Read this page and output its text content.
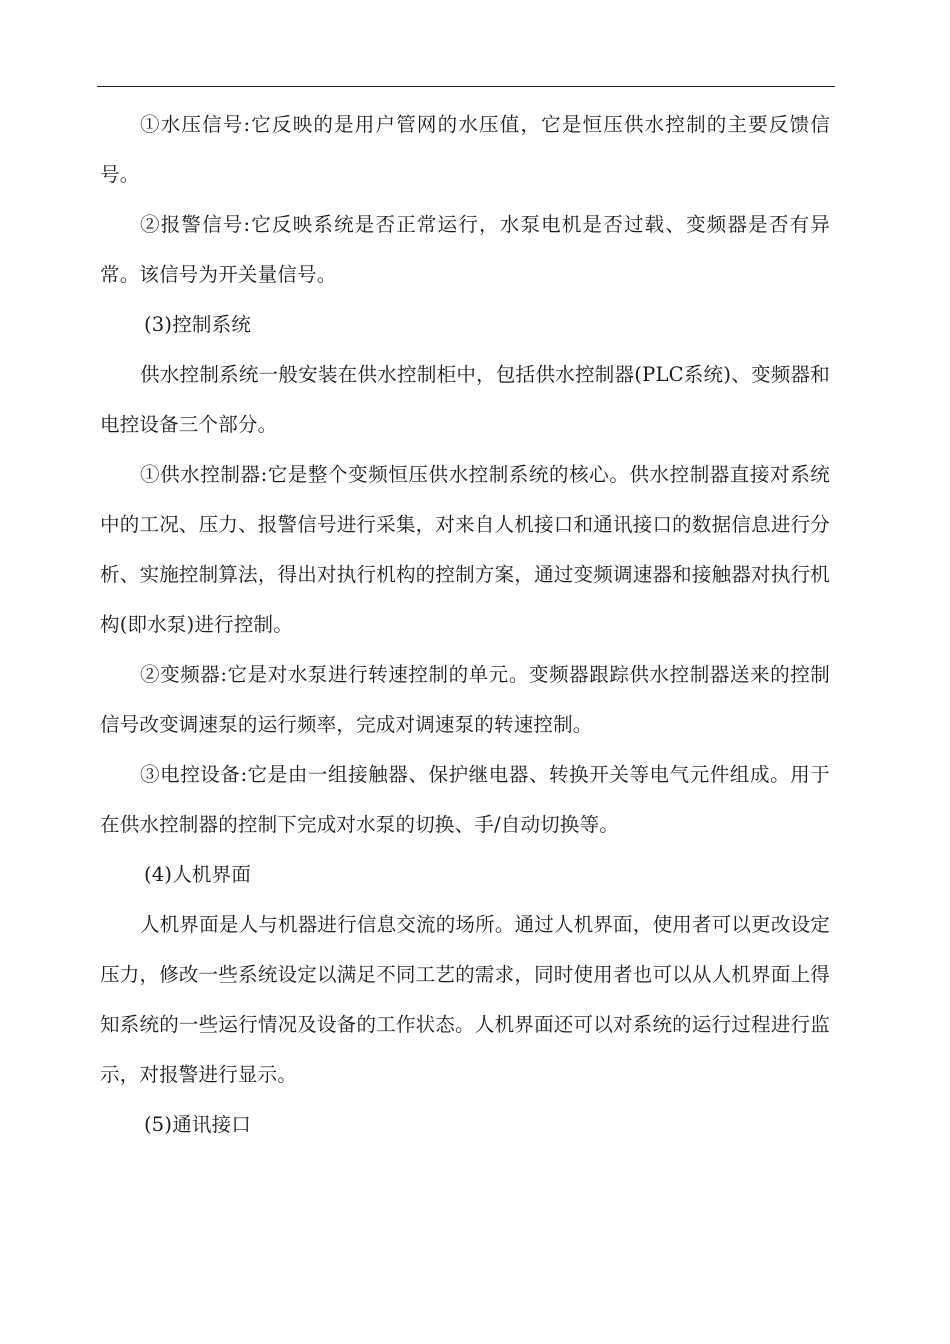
①水压信号:它反映的是用户管网的水压值，它是恒压供水控制的主要反馈信号。

②报警信号:它反映系统是否正常运行，水泵电机是否过载、变频器是否有异常。该信号为开关量信号。

(3)控制系统

供水控制系统一般安装在供水控制柜中，包括供水控制器(PLC系统)、变频器和电控设备三个部分。

①供水控制器:它是整个变频恒压供水控制系统的核心。供水控制器直接对系统中的工况、压力、报警信号进行采集，对来自人机接口和通讯接口的数据信息进行分析、实施控制算法，得出对执行机构的控制方案，通过变频调速器和接触器对执行机构(即水泵)进行控制。

②变频器:它是对水泵进行转速控制的单元。变频器跟踪供水控制器送来的控制信号改变调速泵的运行频率，完成对调速泵的转速控制。

③电控设备:它是由一组接触器、保护继电器、转换开关等电气元件组成。用于在供水控制器的控制下完成对水泵的切换、手/自动切换等。

(4)人机界面

人机界面是人与机器进行信息交流的场所。通过人机界面，使用者可以更改设定压力，修改一些系统设定以满足不同工艺的需求，同时使用者也可以从人机界面上得知系统的一些运行情况及设备的工作状态。人机界面还可以对系统的运行过程进行监示，对报警进行显示。

(5)通讯接口
